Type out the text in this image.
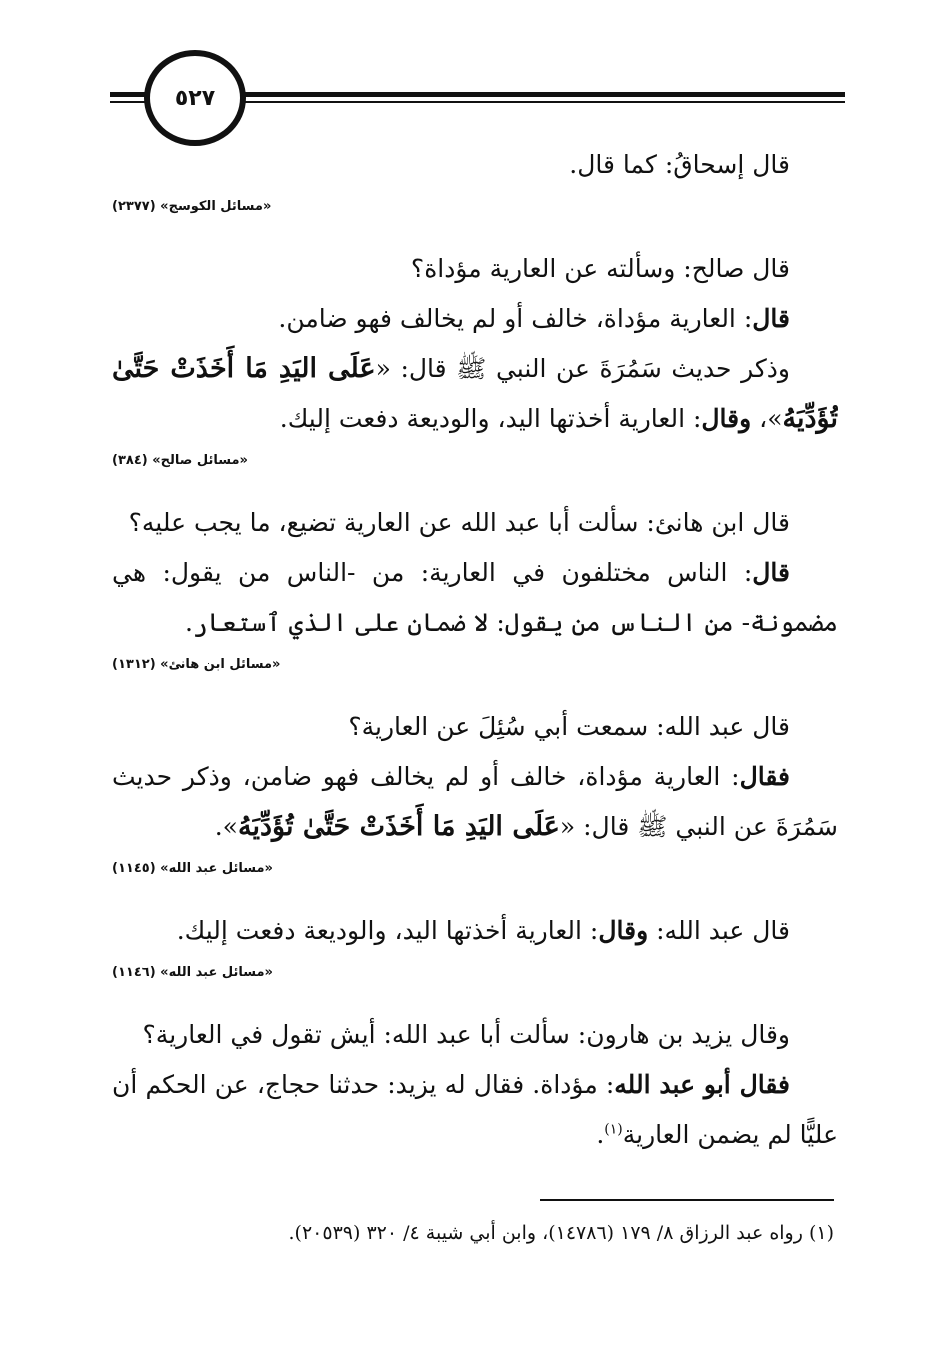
٥٢٧

قال إسحاقُ: كما قال.

«مسائل الكوسج» (٢٣٧٧)

قال صالح: وسألته عن العارية مؤداة؟

قال: العارية مؤداة، خالف أو لم يخالف فهو ضامن.

وذكر حديث سَمُرَةَ عن النبي ﷺ قال: «عَلَى اليَدِ مَا أَخَذَتْ حَتَّىٰ

تُؤَدِّيَهُ»، وقال: العارية أخذتها اليد، والوديعة دفعت إليك.

«مسائل صالح» (٣٨٤)

قال ابن هانئ: سألت أبا عبد الله عن العارية تضيع، ما يجب عليه؟

قال: الناس مختلفون في العارية: من -الناس من يقول: هي

مضمونة- من الناس من يقول: لا ضمان على الذي ٱستعار.

«مسائل ابن هانئ» (١٣١٢)

قال عبد الله: سمعت أبي سُئِلَ عن العارية؟

فقال: العارية مؤداة، خالف أو لم يخالف فهو ضامن، وذكر حديث

سَمُرَةَ عن النبي ﷺ قال: «عَلَى اليَدِ مَا أَخَذَتْ حَتَّىٰ تُؤَدِّيَهُ».

«مسائل عبد الله» (١١٤٥)

قال عبد الله: وقال: العارية أخذتها اليد، والوديعة دفعت إليك.

«مسائل عبد الله» (١١٤٦)

وقال يزيد بن هارون: سألت أبا عبد الله: أيش تقول في العارية؟

فقال أبو عبد الله: مؤداة. فقال له يزيد: حدثنا حجاج، عن الحكم أن

عليًّا لم يضمن العارية$^{(١)}$.

(١) رواه عبد الرزاق ٨/ ١٧٩ (١٤٧٨٦)، وابن أبي شيبة ٤/ ٣٢٠ (٢٠٥٣٩).
